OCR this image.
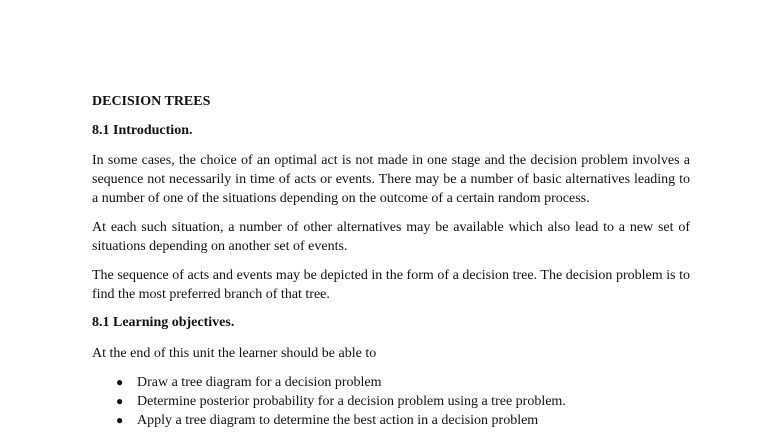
DECISION TREES
8.1 Introduction.

In some cases, the choice of an optimal act is not made in one stage and the decision problem involves a sequence not necessarily in time of acts or events. There may be a number of basic alternatives leading to a number of one of the situations depending on the outcome of a certain random process.

At each such situation, a number of other alternatives may be available which also lead to a new set of situations depending on another set of events.

The sequence of acts and events may be depicted in the form of a decision tree. The decision problem is to find the most preferred branch of that tree.

8.1 Learning objectives.

At the end of this unit the learner should be able to

● Draw a tree diagram for a decision problem
● Determine posterior probability for a decision problem using a tree problem.
● Apply a tree diagram to determine the best action in a decision problem
